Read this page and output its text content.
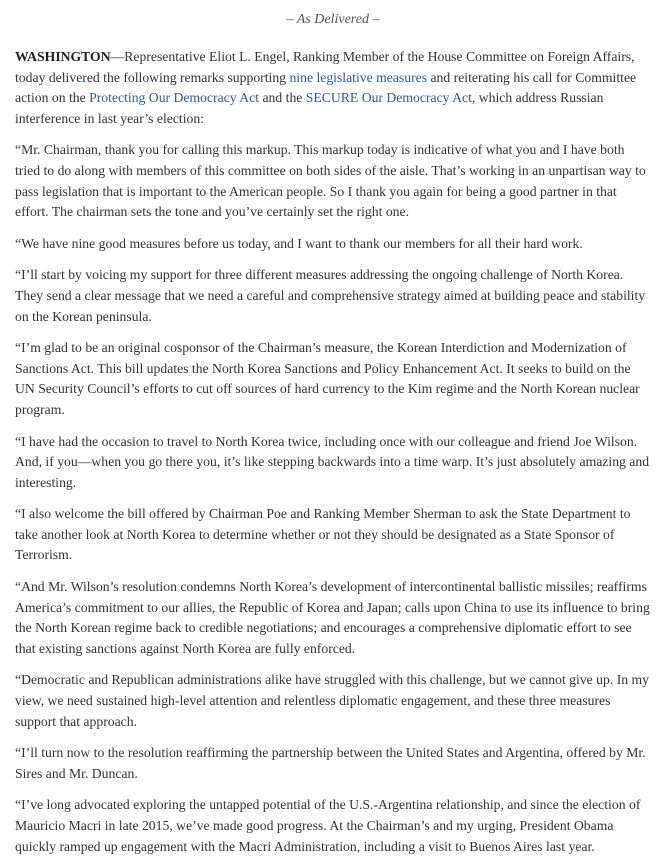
– As Delivered –

WASHINGTON—Representative Eliot L. Engel, Ranking Member of the House Committee on Foreign Affairs, today delivered the following remarks supporting nine legislative measures and reiterating his call for Committee action on the Protecting Our Democracy Act and the SECURE Our Democracy Act, which address Russian interference in last year’s election:

“Mr. Chairman, thank you for calling this markup. This markup today is indicative of what you and I have both tried to do along with members of this committee on both sides of the aisle. That’s working in an unpartisan way to pass legislation that is important to the American people. So I thank you again for being a good partner in that effort. The chairman sets the tone and you’ve certainly set the right one.

“We have nine good measures before us today, and I want to thank our members for all their hard work.

“I’ll start by voicing my support for three different measures addressing the ongoing challenge of North Korea. They send a clear message that we need a careful and comprehensive strategy aimed at building peace and stability on the Korean peninsula.

“I’m glad to be an original cosponsor of the Chairman’s measure, the Korean Interdiction and Modernization of Sanctions Act. This bill updates the North Korea Sanctions and Policy Enhancement Act. It seeks to build on the UN Security Council’s efforts to cut off sources of hard currency to the Kim regime and the North Korean nuclear program.

“I have had the occasion to travel to North Korea twice, including once with our colleague and friend Joe Wilson. And, if you—when you go there you, it’s like stepping backwards into a time warp. It’s just absolutely amazing and interesting.

“I also welcome the bill offered by Chairman Poe and Ranking Member Sherman to ask the State Department to take another look at North Korea to determine whether or not they should be designated as a State Sponsor of Terrorism.

“And Mr. Wilson’s resolution condemns North Korea’s development of intercontinental ballistic missiles; reaffirms America’s commitment to our allies, the Republic of Korea and Japan; calls upon China to use its influence to bring the North Korean regime back to credible negotiations; and encourages a comprehensive diplomatic effort to see that existing sanctions against North Korea are fully enforced.

“Democratic and Republican administrations alike have struggled with this challenge, but we cannot give up. In my view, we need sustained high-level attention and relentless diplomatic engagement, and these three measures support that approach.

“I’ll turn now to the resolution reaffirming the partnership between the United States and Argentina, offered by Mr. Sires and Mr. Duncan.

“I’ve long advocated exploring the untapped potential of the U.S.-Argentina relationship, and since the election of Mauricio Macri in late 2015, we’ve made good progress. At the Chairman’s and my urging, President Obama quickly ramped up engagement with the Macri Administration, including a visit to Buenos Aires last year.
